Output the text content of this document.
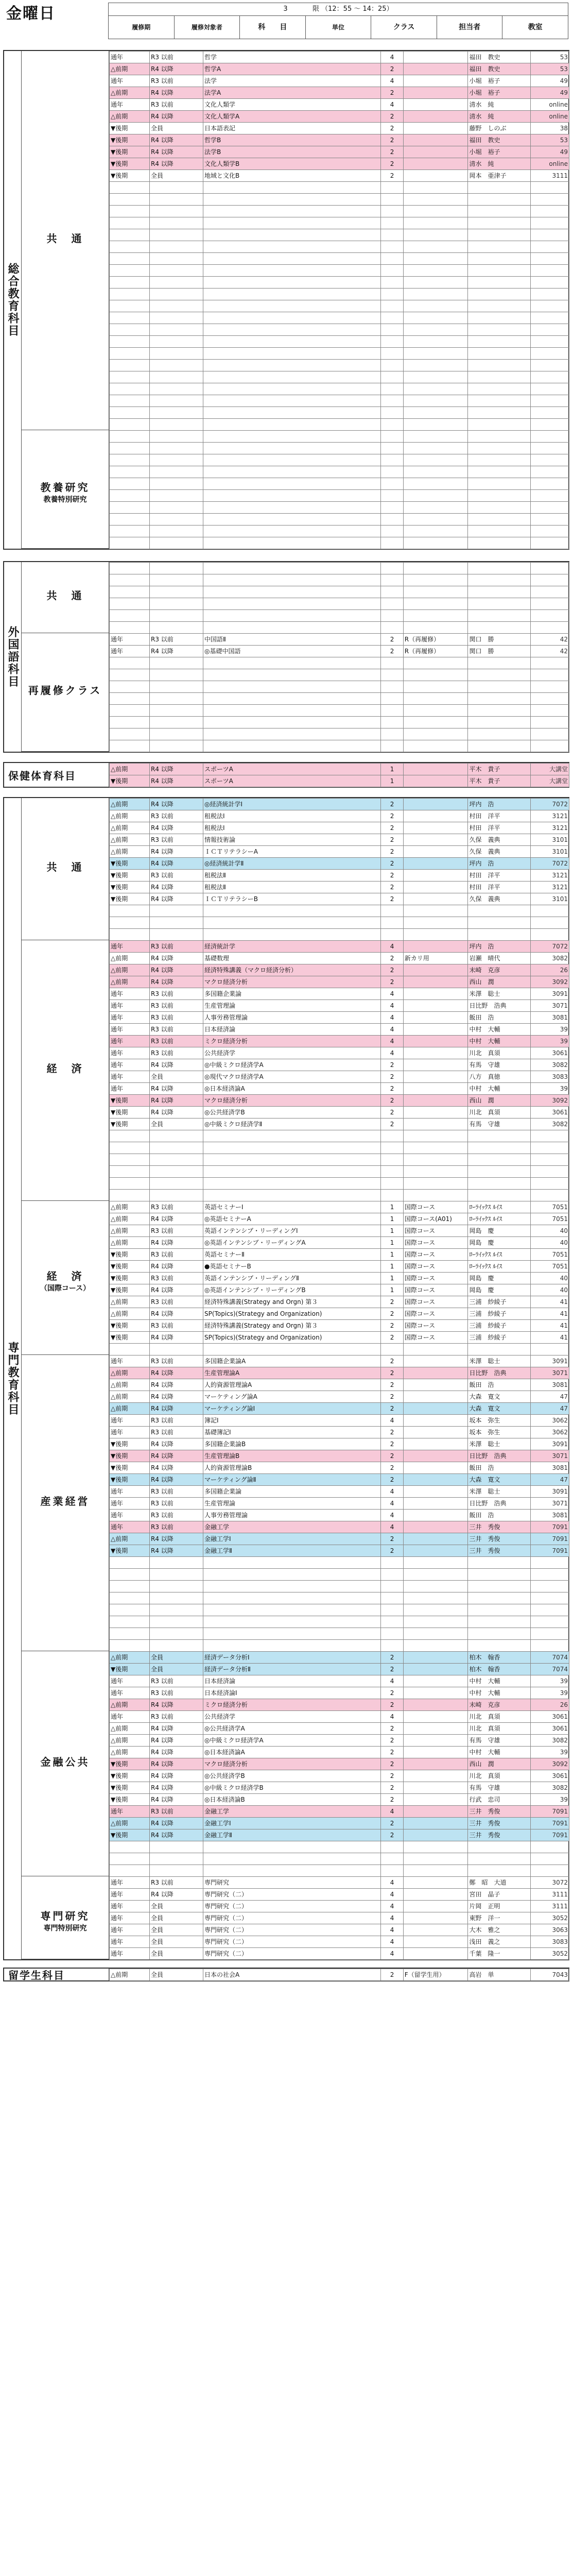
金曜日	3	限 （12：55 ～ 14：25）
履修期	履修対象者	科　　目	単位	クラス	担当者	教室
総合教育科目
共　通
通年	R3 以前	哲学	4		福田　教史	53
△前期	R4 以降	哲学A	2		福田　教史	53
通年	R3 以前	法学	4		小堀　裕子	49
△前期	R4 以降	法学A	2		小堀　裕子	49
通年	R3 以前	文化人類学	4		清水　純	online
△前期	R4 以降	文化人類学A	2		清水　純	online
▼後期	全員	日本語表記	2		藤野　しのぶ	38
▼後期	R4 以降	哲学B	2		福田　教史	53
▼後期	R4 以降	法学B	2		小堀　裕子	49
▼後期	R4 以降	文化人類学B	2		清水　純	online
▼後期	全員	地域と文化B	2		岡本　亜津子	3111

教養研究
教養特別研究

外国語科目
共　通

再履修クラス
通年	R3 以前	中国語Ⅱ	2	R（再履修）	関口　勝	42
通年	R4 以降	◎基礎中国語	2	R（再履修）	関口　勝	42

保健体育科目
△前期	R4 以降	スポーツA	1		平木　貴子	大講堂
▼後期	R4 以降	スポーツA	1		平木　貴子	大講堂
専門教育科目
共　通
△前期	R4 以降	◎経済統計学Ⅰ	2		坪内　浩	7072
△前期	R3 以前	租税法Ⅰ	2		村田　洋平	3121
△前期	R4 以降	租税法Ⅰ	2		村田　洋平	3121
△前期	R3 以前	情報技術論	2		久保　義典	3101
△前期	R4 以降	ＩＣＴリテラシーA	2		久保　義典	3101
▼後期	R4 以降	◎経済統計学Ⅱ	2		坪内　浩	7072
▼後期	R3 以前	租税法Ⅱ	2		村田　洋平	3121
▼後期	R4 以降	租税法Ⅱ	2		村田　洋平	3121
▼後期	R4 以降	ＩＣＴリテラシーB	2		久保　義典	3101

経　済
通年	R3 以前	経済統計学	4		坪内　浩	7072
△前期	R4 以降	基礎数理	2	新カリ用	岩瀬　晴代	3082
△前期	R4 以降	経済特殊講義（マクロ経済分析）	2		末崎　克彦	26
△前期	R4 以降	マクロ経済分析	2		西山　潤	3092
通年	R3 以前	多国籍企業論	4		米澤　聡士	3091
通年	R3 以前	生産管理論	4		日比野　浩典	3071
通年	R3 以前	人事労務管理論	4		飯田　浩	3081
通年	R3 以前	日本経済論	4		中村　大輔	39
通年	R3 以前	ミクロ経済分析	4		中村　大輔	39
通年	R3 以前	公共経済学	4		川北　真須	3061
通年	R4 以降	◎中級ミクロ経済学A	2		有馬　守雄	3082
通年	全員	◎現代マクロ経済学A	2		八方　真徳	3083
通年	R4 以降	◎日本経済論A	2		中村　大輔	39
▼後期	R4 以降	マクロ経済分析	2		西山　潤	3092
▼後期	R4 以降	◎公共経済学B	2		川北　真須	3061
▼後期	全員	◎中級ミクロ経済学Ⅱ	2		有馬　守雄	3082

経　済
（国際コース）
△前期	R3 以前	英語セミナーⅠ	1	国際コース	ﾛｰﾗｲｯｸｽ ﾙｲｽ	7051
△前期	R4 以降	◎英語セミナーA	1	国際コース(A01)	ﾛｰﾗｲｯｸｽ ﾙｲｽ	7051
△前期	R3 以前	英語インテンシブ・リーディングⅠ	1	国際コース	岡島　慶	40
△前期	R4 以降	◎英語インテンシブ・リーディングA	1	国際コース	岡島　慶	40
▼後期	R3 以前	英語セミナーⅡ	1	国際コース	ﾛｰﾗｲｯｸｽ ﾙｲｽ	7051
▼後期	R4 以降	●英語セミナーB	1	国際コース	ﾛｰﾗｲｯｸｽ ﾙｲｽ	7051
▼後期	R3 以前	英語インテンシブ・リーディングⅡ	1	国際コース	岡島　慶	40
▼後期	R4 以降	◎英語インテンシブ・リーディングB	1	国際コース	岡島　慶	40
△前期	R3 以前	経済特殊講義(Strategy and Orgn) 第３	2	国際コース	三浦　紗綾子	41
△前期	R4 以降	SP(Topics)(Strategy and Organization)	2	国際コース	三浦　紗綾子	41
▼後期	R3 以前	経済特殊講義(Strategy and Orgn) 第３	2	国際コース	三浦　紗綾子	41
▼後期	R4 以降	SP(Topics)(Strategy and Organization)	2	国際コース	三浦　紗綾子	41

産業経営
通年	R3 以前	多国籍企業論A	2		米澤　聡士	3091
△前期	R4 以降	生産管理論A	2		日比野　浩典	3071
△前期	R4 以降	人的資源管理論A	2		飯田　浩	3081
△前期	R4 以降	マーケティング論A	2		大森　寛文	47
△前期	R4 以降	マーケティング論Ⅰ	2		大森　寛文	47
通年	R3 以前	簿記Ⅰ	4		坂本　弥生	3062
通年	R3 以前	基礎簿記Ⅰ	2		坂本　弥生	3062
▼後期	R4 以降	多国籍企業論B	2		米澤　聡士	3091
▼後期	R4 以降	生産管理論B	2		日比野　浩典	3071
▼後期	R4 以降	人的資源管理論B	2		飯田　浩	3081
▼後期	R4 以降	マーケティング論Ⅱ	2		大森　寛文	47
通年	R3 以前	多国籍企業論	4		米澤　聡士	3091
通年	R3 以前	生産管理論	4		日比野　浩典	3071
通年	R3 以前	人事労務管理論	4		飯田　浩	3081
通年	R3 以前	金融工学	4		三井　秀俊	7091
△前期	R4 以降	金融工学Ⅰ	2		三井　秀俊	7091
▼後期	R4 以降	金融工学Ⅱ	2		三井　秀俊	7091

金融公共
△前期	全員	経済データ分析Ⅰ	2		柏木　翰香	7074
▼後期	全員	経済データ分析Ⅱ	2		柏木　翰香	7074
通年	R3 以前	日本経済論	4		中村　大輔	39
通年	R3 以前	日本経済論Ⅰ	2		中村　大輔	39
△前期	R4 以降	ミクロ経済分析	2		末崎　克彦	26
通年	R3 以前	公共経済学	4		川北　真須	3061
△前期	R4 以降	◎公共経済学A	2		川北　真須	3061
△前期	R4 以降	◎中級ミクロ経済学A	2		有馬　守雄	3082
△前期	R4 以降	◎日本経済論A	2		中村　大輔	39
▼後期	R4 以降	マクロ経済分析	2		西山　潤	3092
▼後期	R4 以降	◎公共経済学B	2		川北　真須	3061
▼後期	R4 以降	◎中級ミクロ経済学B	2		有馬　守雄	3082
▼後期	R4 以降	◎日本経済論B	2		行武　忠司	39
通年	R3 以前	金融工学	4		三井　秀俊	7091
△前期	R4 以降	金融工学Ⅰ	2		三井　秀俊	7091
▼後期	R4 以降	金融工学Ⅱ	2		三井　秀俊	7091

専門研究
専門特別研究
通年	R3 以前	専門研究	4		鄭　昭　大道	3072
通年	R4 以降	専門研究（二）	4		宮田　晶子	3111
通年	全員	専門研究（二）	4		片岡　正明	3111
通年	全員	専門研究（二）	4		東野　洋一	3052
通年	全員	専門研究（二）	4		大木　雅之	3063
通年	全員	専門研究（二）	4		浅田　義之	3083
通年	全員	専門研究（二）	4		千葉　隆一	3052
留学生科目	△前期	全員	日本の社会A	2	F（留学生用）	高岩　単	7043
